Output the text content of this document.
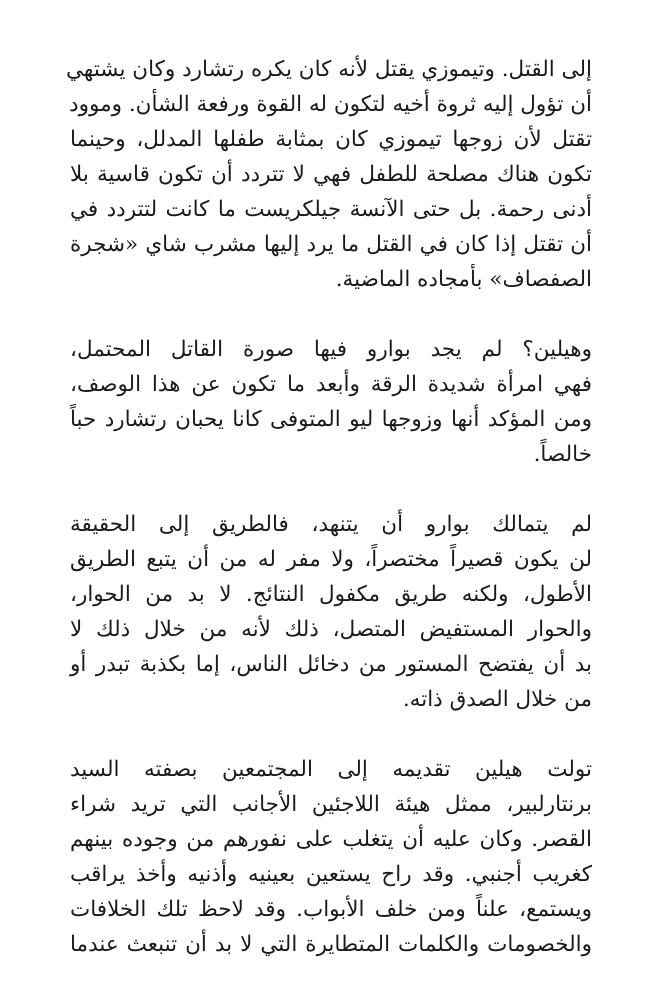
إلى القتل. وتيموزي يقتل لأنه كان يكره رتشارد وكان يشتهي
أن تؤول إليه ثروة أخيه لتكون له القوة ورفعة الشأن. وموود
تقتل لأن زوجها تيموزي كان بمثابة طفلها المدلل، وحينما
تكون هناك مصلحة للطفل فهي لا تتردد أن تكون قاسية بلا
أدنى رحمة. بل حتى الآنسة جيلكريست ما كانت لتتردد في
أن تقتل إذا كان في القتل ما يرد إليها مشرب شاي «شجرة
الصفصاف» بأمجاده الماضية.
وهيلين؟ لم يجد بوارو فيها صورة القاتل المحتمل،
فهي امرأة شديدة الرقة وأبعد ما تكون عن هذا الوصف،
ومن المؤكد أنها وزوجها ليو المتوفى كانا يحبان رتشارد حباً
خالصاً.
لم يتمالك بوارو أن يتنهد، فالطريق إلى الحقيقة
لن يكون قصيراً مختصراً، ولا مفر له من أن يتبع الطريق
الأطول، ولكنه طريق مكفول النتائج. لا بد من الحوار،
والحوار المستفيض المتصل، ذلك لأنه من خلال ذلك لا
بد أن يفتضح المستور من دخائل الناس، إما بكذبة تبدر أو
من خلال الصدق ذاته.
تولت هيلين تقديمه إلى المجتمعين بصفته السيد
برنتارلبير، ممثل هيئة اللاجئين الأجانب التي تريد شراء
القصر. وكان عليه أن يتغلب على نفورهم من وجوده بينهم
كغريب أجنبي. وقد راح يستعين بعينيه وأذنيه وأخذ يراقب
ويستمع، علناً ومن خلف الأبواب. وقد لاحظ تلك الخلافات
والخصومات والكلمات المتطايرة التي لا بد أن تنبعث عندما
